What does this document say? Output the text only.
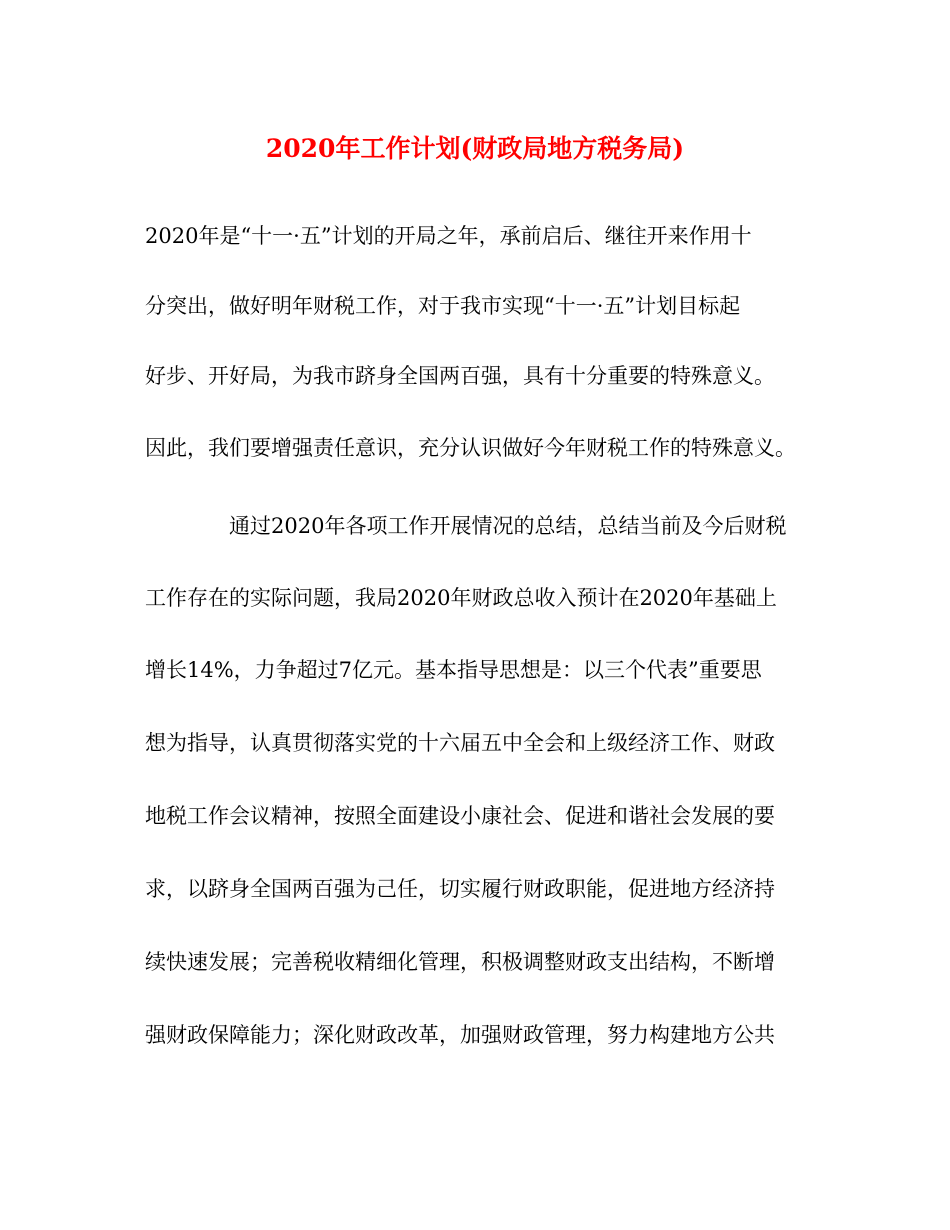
2020年工作计划(财政局地方税务局)
2020年是“十一·五”计划的开局之年，承前启后、继往开来作用十
分突出，做好明年财税工作，对于我市实现“十一·五”计划目标起
好步、开好局，为我市跻身全国两百强，具有十分重要的特殊意义。
因此，我们要增强责任意识，充分认识做好今年财税工作的特殊意义。
通过2020年各项工作开展情况的总结，总结当前及今后财税
工作存在的实际问题，我局2020年财政总收入预计在2020年基础上
增长14%，力争超过7亿元。基本指导思想是：以三个代表”重要思
想为指导，认真贯彻落实党的十六届五中全会和上级经济工作、财政
地税工作会议精神，按照全面建设小康社会、促进和谐社会发展的要
求，以跻身全国两百强为己任，切实履行财政职能，促进地方经济持
续快速发展；完善税收精细化管理，积极调整财政支出结构，不断增
强财政保障能力；深化财政改革，加强财政管理，努力构建地方公共
